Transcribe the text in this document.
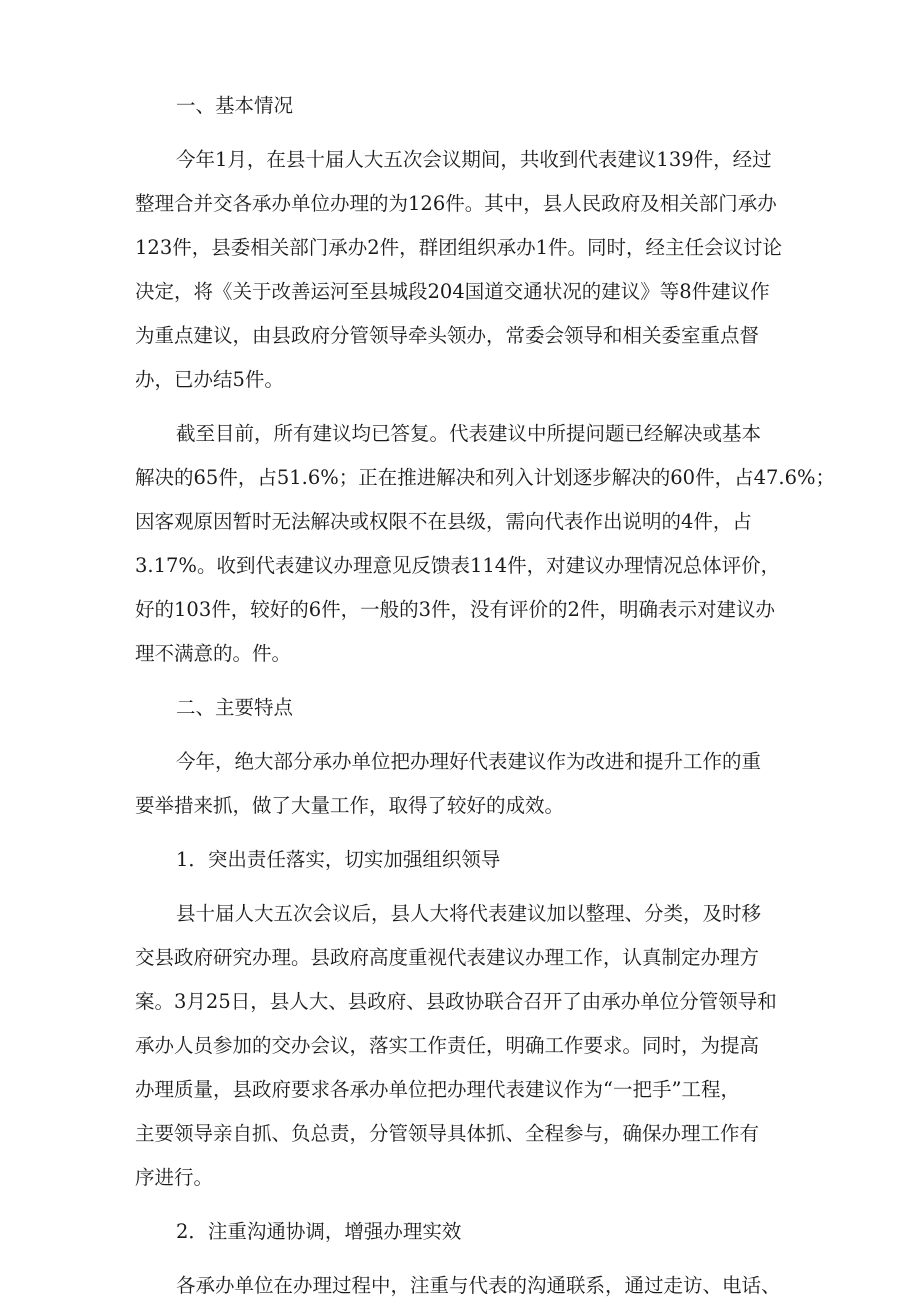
一、基本情况
今年1月，在县十届人大五次会议期间，共收到代表建议139件，经过
整理合并交各承办单位办理的为126件。其中，县人民政府及相关部门承办
123件，县委相关部门承办2件，群团组织承办1件。同时，经主任会议讨论
决定，将《关于改善运河至县城段204国道交通状况的建议》等8件建议作
为重点建议，由县政府分管领导牵头领办，常委会领导和相关委室重点督
办，已办结5件。
截至目前，所有建议均已答复。代表建议中所提问题已经解决或基本
解决的65件，占51.6%；正在推进解决和列入计划逐步解决的60件，占47.6%；
因客观原因暂时无法解决或权限不在县级，需向代表作出说明的4件，占
3.17%。收到代表建议办理意见反馈表114件，对建议办理情况总体评价，
好的103件，较好的6件，一般的3件，没有评价的2件，明确表示对建议办
理不满意的。件。
二、主要特点
今年，绝大部分承办单位把办理好代表建议作为改进和提升工作的重
要举措来抓，做了大量工作，取得了较好的成效。
1．突出责任落实，切实加强组织领导
县十届人大五次会议后，县人大将代表建议加以整理、分类，及时移
交县政府研究办理。县政府高度重视代表建议办理工作，认真制定办理方
案。3月25日，县人大、县政府、县政协联合召开了由承办单位分管领导和
承办人员参加的交办会议，落实工作责任，明确工作要求。同时，为提高
办理质量，县政府要求各承办单位把办理代表建议作为“一把手”工程，
主要领导亲自抓、负总责，分管领导具体抓、全程参与，确保办理工作有
序进行。
2．注重沟通协调，增强办理实效
各承办单位在办理过程中，注重与代表的沟通联系，通过走访、电话、
